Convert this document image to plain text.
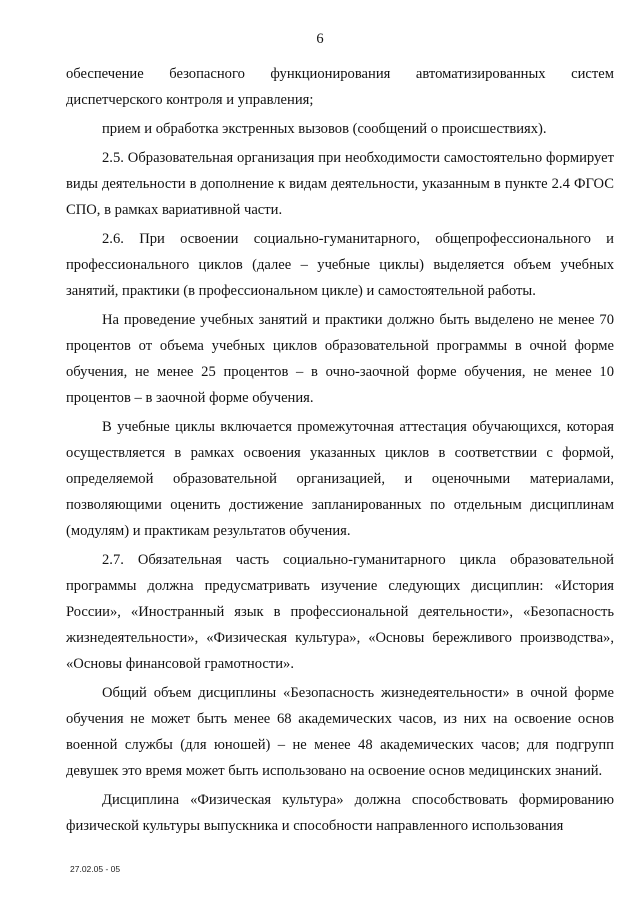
6

обеспечение безопасного функционирования автоматизированных систем диспетчерского контроля и управления;

прием и обработка экстренных вызовов (сообщений о происшествиях).

2.5. Образовательная организация при необходимости самостоятельно формирует виды деятельности в дополнение к видам деятельности, указанным в пункте 2.4 ФГОС СПО, в рамках вариативной части.

2.6. При освоении социально-гуманитарного, общепрофессионального и профессионального циклов (далее – учебные циклы) выделяется объем учебных занятий, практики (в профессиональном цикле) и самостоятельной работы.

На проведение учебных занятий и практики должно быть выделено не менее 70 процентов от объема учебных циклов образовательной программы в очной форме обучения, не менее 25 процентов – в очно-заочной форме обучения, не менее 10 процентов – в заочной форме обучения.

В учебные циклы включается промежуточная аттестация обучающихся, которая осуществляется в рамках освоения указанных циклов в соответствии с формой, определяемой образовательной организацией, и оценочными материалами, позволяющими оценить достижение запланированных по отдельным дисциплинам (модулям) и практикам результатов обучения.

2.7. Обязательная часть социально-гуманитарного цикла образовательной программы должна предусматривать изучение следующих дисциплин: «История России», «Иностранный язык в профессиональной деятельности», «Безопасность жизнедеятельности», «Физическая культура», «Основы бережливого производства», «Основы финансовой грамотности».

Общий объем дисциплины «Безопасность жизнедеятельности» в очной форме обучения не может быть менее 68 академических часов, из них на освоение основ военной службы (для юношей) – не менее 48 академических часов; для подгрупп девушек это время может быть использовано на освоение основ медицинских знаний.

Дисциплина «Физическая культура» должна способствовать формированию физической культуры выпускника и способности направленного использования

27.02.05 - 05
